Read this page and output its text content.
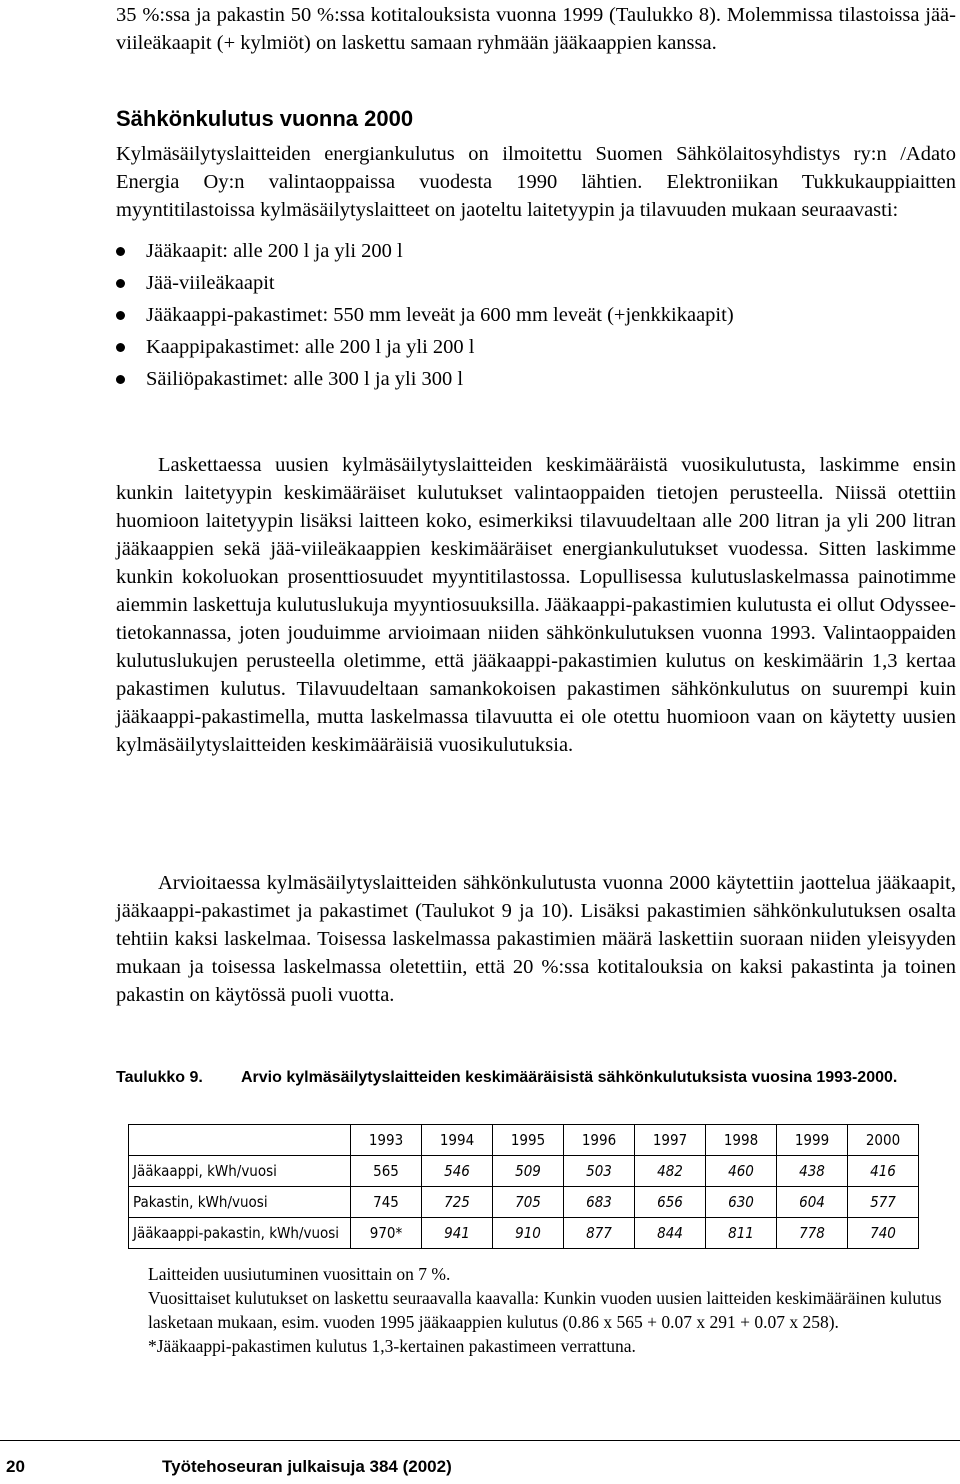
35 %:ssa ja pakastin 50 %:ssa kotitalouksista vuonna 1999 (Taulukko 8). Molemmissa tilastoissa jää-viileäkaapit (+ kylmiöt) on laskettu samaan ryhmään jääkaappien kanssa.

Sähkönkulutus vuonna 2000

Kylmäsäilytyslaitteiden energiankulutus on ilmoitettu Suomen Sähkölaitosyhdistys ry:n /Adato Energia Oy:n valintaoppaissa vuodesta 1990 lähtien. Elektroniikan Tukkukauppiaitten myyntitilastoissa kylmäsäilytyslaitteet on jaoteltu laitetyypin ja tilavuuden mukaan seuraavasti:

Jääkaapit: alle 200 l ja yli 200 l
Jää-viileäkaapit
Jääkaappi-pakastimet: 550 mm leveät ja 600 mm leveät (+jenkkikaapit)
Kaappipakastimet: alle 200 l ja yli 200 l
Säiliöpakastimet: alle 300 l ja yli 300 l

Laskettaessa uusien kylmäsäilytyslaitteiden keskimääräistä vuosikulutusta, laskimme ensin kunkin laitetyypin keskimääräiset kulutukset valintaoppaiden tietojen perusteella. Niissä otettiin huomioon laitetyypin lisäksi laitteen koko, esimerkiksi tilavuudeltaan alle 200 litran ja yli 200 litran jääkaappien sekä jää-viileäkaappien keskimääräiset energiankulutukset vuodessa. Sitten laskimme kunkin kokoluokan prosenttiosuudet myyntitilastossa. Lopullisessa kulutuslaskelmassa painotimme aiemmin laskettuja kulutuslukuja myyntiosuuksilla. Jääkaappi-pakastimien kulutusta ei ollut Odyssee-tietokannassa, joten jouduimme arvioimaan niiden sähkönkulutuksen vuonna 1993. Valintaoppaiden kulutuslukujen perusteella oletimme, että jääkaappi-pakastimien kulutus on keskimäärin 1,3 kertaa pakastimen kulutus. Tilavuudeltaan samankokoisen pakastimen sähkönkulutus on suurempi kuin jääkaappi-pakastimella, mutta laskelmassa tilavuutta ei ole otettu huomioon vaan on käytetty uusien kylmäsäilytyslaitteiden keskimääräisiä vuosikulutuksia.

Arvioitaessa kylmäsäilytyslaitteiden sähkönkulutusta vuonna 2000 käytettiin jaottelua jääkaapit, jääkaappi-pakastimet ja pakastimet (Taulukot 9 ja 10). Lisäksi pakastimien sähkönkulutuksen osalta tehtiin kaksi laskelmaa. Toisessa laskelmassa pakastimien määrä laskettiin suoraan niiden yleisyyden mukaan ja toisessa laskelmassa oletettiin, että 20 %:ssa kotitalouksia on kaksi pakastinta ja toinen pakastin on käytössä puoli vuotta.

Taulukko 9. Arvio kylmäsäilytyslaitteiden keskimääräisistä sähkönkulutuksista vuosina 1993-2000.
	1993	1994	1995	1996	1997	1998	1999	2000
Jääkaappi, kWh/vuosi	565	546	509	503	482	460	438	416
Pakastin, kWh/vuosi	745	725	705	683	656	630	604	577
Jääkaappi-pakastin, kWh/vuosi	970*	941	910	877	844	811	778	740

Laitteiden uusiutuminen vuosittain on 7 %.

Vuosittaiset kulutukset on laskettu seuraavalla kaavalla: Kunkin vuoden uusien laitteiden keskimääräinen kulutus lasketaan mukaan, esim. vuoden 1995 jääkaappien kulutus (0.86 x 565 + 0.07 x 291 + 0.07 x 258).

*Jääkaappi-pakastimen kulutus 1,3-kertainen pakastimeen verrattuna.

20	Työtehoseuran julkaisuja 384 (2002)
